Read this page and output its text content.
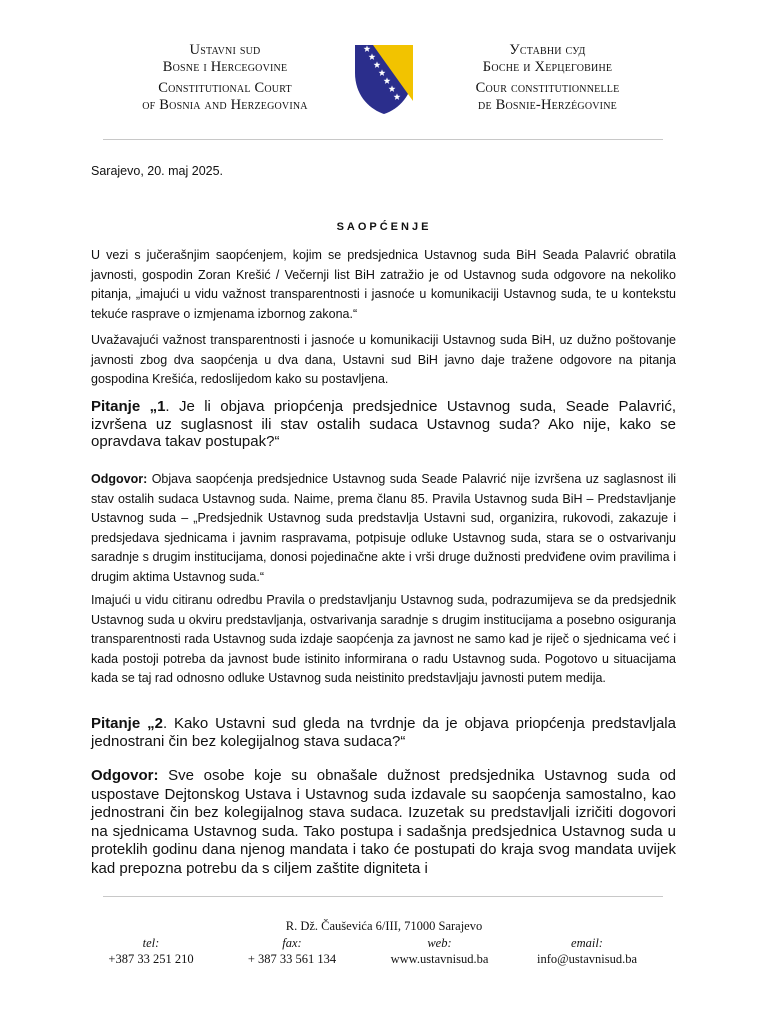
Ustavni sud
Bosne i Hercegovine
Constitutional Court
of Bosnia and Herzegovina
Уставни суд
Босне и Херцеговине
Cour constitutionnelle
de Bosnie-Herzégovine
Sarajevo, 20. maj 2025.
SAOPĆENJE
U vezi s jučerašnjim saopćenjem, kojim se predsjednica Ustavnog suda BiH Seada Palavrić obratila javnosti, gospodin Zoran Krešić / Večernji list BiH zatražio je od Ustavnog suda odgovore na nekoliko pitanja, „imajući u vidu važnost transparentnosti i jasnoće u komunikaciji Ustavnog suda, te u kontekstu tekuće rasprave o izmjenama izbornog zakona.“
Uvažavajući važnost transparentnosti i jasnoće u komunikaciji Ustavnog suda BiH, uz dužno poštovanje javnosti zbog dva saopćenja u dva dana, Ustavni sud BiH javno daje tražene odgovore na pitanja gospodina Krešića, redoslijedom kako su postavljena.
Pitanje „1. Je li objava priopćenja predsjednice Ustavnog suda, Seade Palavrić, izvršena uz suglasnost ili stav ostalih sudaca Ustavnog suda? Ako nije, kako se opravdava takav postupak?“
Odgovor: Objava saopćenja predsjednice Ustavnog suda Seade Palavrić nije izvršena uz saglasnost ili stav ostalih sudaca Ustavnog suda. Naime, prema članu 85. Pravila Ustavnog suda BiH – Predstavljanje Ustavnog suda – „Predsjednik Ustavnog suda predstavlja Ustavni sud, organizira, rukovodi, zakazuje i predsjedava sjednicama i javnim raspravama, potpisuje odluke Ustavnog suda, stara se o ostvarivanju saradnje s drugim institucijama, donosi pojedinačne akte i vrši druge dužnosti predviđene ovim pravilima i drugim aktima Ustavnog suda.“
Imajući u vidu citiranu odredbu Pravila o predstavljanju Ustavnog suda, podrazumijeva se da predsjednik Ustavnog suda u okviru predstavljanja, ostvarivanja saradnje s drugim institucijama a posebno osiguranja transparentnosti rada Ustavnog suda izdaje saopćenja za javnost ne samo kad je riječ o sjednicama već i kada postoji potreba da javnost bude istinito informirana o radu Ustavnog suda. Pogotovo u situacijama kada se taj rad odnosno odluke Ustavnog suda neistinito predstavljaju javnosti putem medija.
Pitanje „2. Kako Ustavni sud gleda na tvrdnje da je objava priopćenja predstavljala jednostrani čin bez kolegijalnog stava sudaca?“
Odgovor: Sve osobe koje su obnašale dužnost predsjednika Ustavnog suda od uspostave Dejtonskog Ustava i Ustavnog suda izdavale su saopćenja samostalno, kao jednostrani čin bez kolegijalnog stava sudaca. Izuzetak su predstavljali izričiti dogovori na sjednicama Ustavnog suda. Tako postupa i sadašnja predsjednica Ustavnog suda u proteklih godinu dana njenog mandata i tako će postupati do kraja svog mandata uvijek kad prepozna potrebu da s ciljem zaštite digniteta i
R. Dž. Čauševića 6/III, 71000 Sarajevo
tel:
+387 33 251 210
fax:
+ 387 33 561 134
web:
www.ustavnisud.ba
email:
info@ustavnisud.ba
